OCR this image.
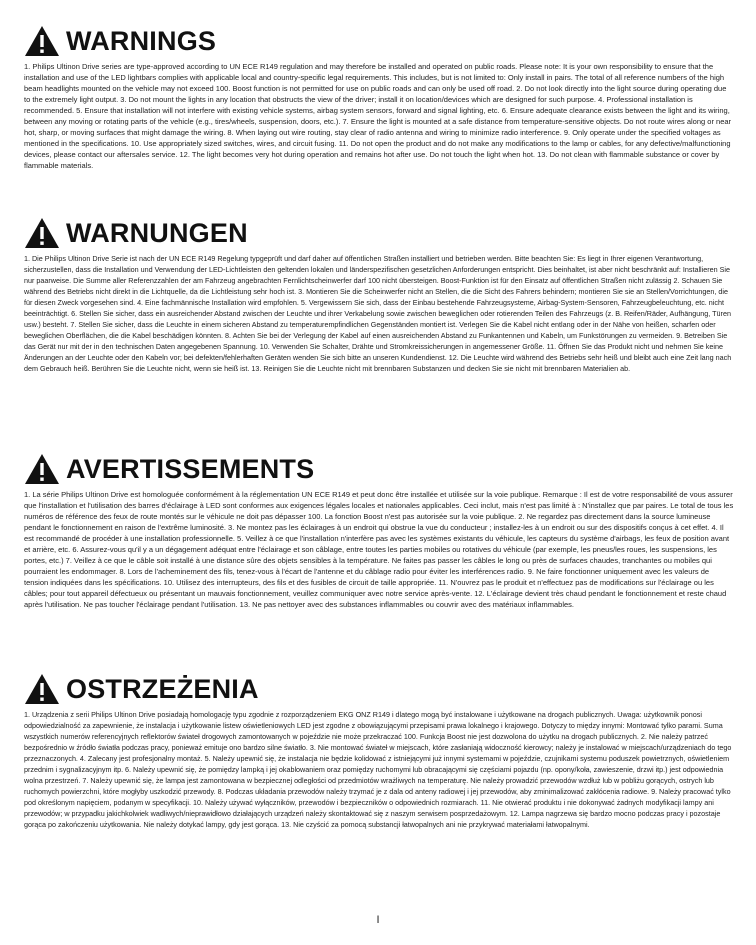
WARNINGS

1. Philips Ultinon Drive series are type-approved according to UN ECE R149 regulation and may therefore be installed and operated on public roads. Please note: It is your own responsibility to ensure that the installation and use of the LED lightbars complies with applicable local and country-specific legal requirements. This includes, but is not limited to: Only install in pairs. The total of all reference numbers of the high beam headlights mounted on the vehicle may not exceed 100. Boost function is not permitted for use on public roads and can only be used off road. 2. Do not look directly into the light source during operating due to the extremely light output. 3. Do not mount the lights in any location that obstructs the view of the driver; install it on location/devices which are designed for such purpose. 4. Professional installation is recommended. 5. Ensure that installation will not interfere with existing vehicle systems, airbag system sensors, forward and signal lighting, etc. 6. Ensure adequate clearance exists between the light and its wiring, between any moving or rotating parts of the vehicle (e.g., tires/wheels, suspension, doors, etc.). 7. Ensure the light is mounted at a safe distance from temperature-sensitive objects. Do not route wires along or near hot, sharp, or moving surfaces that might damage the wiring. 8. When laying out wire routing, stay clear of radio antenna and wiring to minimize radio interference. 9. Only operate under the specified voltages as mentioned in the specifications. 10. Use appropriately sized switches, wires, and circuit fusing. 11. Do not open the product and do not make any modifications to the lamp or cables, for any defective/malfunctioning devices, please contact our aftersales service. 12. The light becomes very hot during operation and remains hot after use. Do not touch the light when hot. 13. Do not clean with flammable substance or cover by flammable materials.

WARNUNGEN

1. Die Philips Ultinon Drive Serie ist nach der UN ECE R149 Regelung typgeprüft und darf daher auf öffentlichen Straßen installiert und betrieben werden. Bitte beachten Sie: Es liegt in Ihrer eigenen Verantwortung, sicherzustellen, dass die Installation und Verwendung der LED-Lichtleisten den geltenden lokalen und länderspezifischen gesetzlichen Anforderungen entspricht. Dies beinhaltet, ist aber nicht beschränkt auf: Installieren Sie nur paarweise. Die Summe aller Referenzzahlen der am Fahrzeug angebrachten Fernlichtscheinwerfer darf 100 nicht übersteigen. Boost-Funktion ist für den Einsatz auf öffentlichen Straßen nicht zulässig 2. Schauen Sie während des Betriebs nicht direkt in die Lichtquelle, da die Lichtleistung sehr hoch ist. 3. Montieren Sie die Scheinwerfer nicht an Stellen, die die Sicht des Fahrers behindern; montieren Sie sie an Stellen/Vorrichtungen, die für diesen Zweck vorgesehen sind. 4. Eine fachmännische Installation wird empfohlen. 5. Vergewissern Sie sich, dass der Einbau bestehende Fahrzeugsysteme, Airbag-System-Sensoren, Fahrzeugbeleuchtung, etc. nicht beeinträchtigt. 6. Stellen Sie sicher, dass ein ausreichender Abstand zwischen der Leuchte und ihrer Verkabelung sowie zwischen beweglichen oder rotierenden Teilen des Fahrzeugs (z. B. Reifen/Räder, Aufhängung, Türen usw.) besteht. 7. Stellen Sie sicher, dass die Leuchte in einem sicheren Abstand zu temperaturempfindlichen Gegenständen montiert ist. Verlegen Sie die Kabel nicht entlang oder in der Nähe von heißen, scharfen oder beweglichen Oberflächen, die die Kabel beschädigen könnten. 8. Achten Sie bei der Verlegung der Kabel auf einen ausreichenden Abstand zu Funkantennen und Kabeln, um Funkstörungen zu vermeiden. 9. Betreiben Sie das Gerät nur mit der in den technischen Daten angegebenen Spannung. 10. Verwenden Sie Schalter, Drähte und Stromkreissicherungen in angemessener Größe. 11. Öffnen Sie das Produkt nicht und nehmen Sie keine Änderungen an der Leuchte oder den Kabeln vor; bei defekten/fehlerhaften Geräten wenden Sie sich bitte an unseren Kundendienst. 12. Die Leuchte wird während des Betriebs sehr heiß und bleibt auch eine Zeit lang nach dem Gebrauch heiß. Berühren Sie die Leuchte nicht, wenn sie heiß ist. 13. Reinigen Sie die Leuchte nicht mit brennbaren Substanzen und decken Sie sie nicht mit brennbaren Materialien ab.

AVERTISSEMENTS

1. La série Philips Ultinon Drive est homologuée conformément à la réglementation UN ECE R149 et peut donc être installée et utilisée sur la voie publique. Remarque : Il est de votre responsabilité de vous assurer que l'installation et l'utilisation des barres d'éclairage à LED sont conformes aux exigences légales locales et nationales applicables. Ceci inclut, mais n'est pas limité à : N'installez que par paires. Le total de tous les numéros de référence des feux de route montés sur le véhicule ne doit pas dépasser 100. La fonction Boost n'est pas autorisée sur la voie publique. 2. Ne regardez pas directement dans la source lumineuse pendant le fonctionnement en raison de l'extrême luminosité. 3. Ne montez pas les éclairages à un endroit qui obstrue la vue du conducteur ; installez-les à un endroit ou sur des dispositifs conçus à cet effet. 4. Il est recommandé de procéder à une installation professionnelle. 5. Veillez à ce que l'installation n'interfère pas avec les systèmes existants du véhicule, les capteurs du système d'airbags, les feux de position avant et arrière, etc. 6. Assurez-vous qu'il y a un dégagement adéquat entre l'éclairage et son câblage, entre toutes les parties mobiles ou rotatives du véhicule (par exemple, les pneus/les roues, les suspensions, les portes, etc.) 7. Veillez à ce que le câble soit installé à une distance sûre des objets sensibles à la température. Ne faites pas passer les câbles le long ou près de surfaces chaudes, tranchantes ou mobiles qui pourraient les endommager. 8. Lors de l'acheminement des fils, tenez-vous à l'écart de l'antenne et du câblage radio pour éviter les interférences radio. 9. Ne faire fonctionner uniquement avec les valeurs de tension indiquées dans les spécifications. 10. Utilisez des interrupteurs, des fils et des fusibles de circuit de taille appropriée. 11. N'ouvrez pas le produit et n'effectuez pas de modifications sur l'éclairage ou les câbles; pour tout appareil défectueux ou présentant un mauvais fonctionnement, veuillez communiquer avec notre service après-vente. 12. L'éclairage devient très chaud pendant le fonctionnement et reste chaud après l'utilisation. Ne pas toucher l'éclairage pendant l'utilisation. 13. Ne pas nettoyer avec des substances inflammables ou couvrir avec des matériaux inflammables.

OSTRZEŻENIA

1. Urządzenia z serii Philips Ultinon Drive posiadają homologację typu zgodnie z rozporządzeniem EKG ONZ R149 i dlatego mogą być instalowane i użytkowane na drogach publicznych. Uwaga: użytkownik ponosi odpowiedzialność za zapewnienie, że instalacja i użytkowanie listew oświetleniowych LED jest zgodne z obowiązującymi przepisami prawa lokalnego i krajowego. Dotyczy to między innymi: Montować tylko parami. Suma wszystkich numerów referencyjnych reflektorów świateł drogowych zamontowanych w pojeździe nie może przekraczać 100. Funkcja Boost nie jest dozwolona do użytku na drogach publicznych. 2. Nie należy patrzeć bezpośrednio w źródło światła podczas pracy, ponieważ emituje ono bardzo silne światło. 3. Nie montować świateł w miejscach, które zasłaniają widoczność kierowcy; należy je instalować w miejscach/urządzeniach do tego przeznaczonych. 4. Zalecany jest profesjonalny montaż. 5. Należy upewnić się, że instalacja nie będzie kolidować z istniejącymi już innymi systemami w pojeździe, czujnikami systemu poduszek powietrznych, oświetleniem przednim i sygnalizacyjnym itp. 6. Należy upewnić się, że pomiędzy lampką i jej okablowaniem oraz pomiędzy ruchomymi lub obracającymi się częściami pojazdu (np. opony/koła, zawieszenie, drzwi itp.) jest odpowiednia wolna przestrzeń. 7. Należy upewnić się, że lampa jest zamontowana w bezpiecznej odległości od przedmiotów wrażliwych na temperaturę. Nie należy prowadzić przewodów wzdłuż lub w pobliżu gorących, ostrych lub ruchomych powierzchni, które mogłyby uszkodzić przewody. 8. Podczas układania przewodów należy trzymać je z dala od anteny radiowej i jej przewodów, aby zminimalizować zakłócenia radiowe. 9. Należy pracować tylko pod określonym napięciem, podanym w specyfikacji. 10. Należy używać wyłączników, przewodów i bezpieczników o odpowiednich rozmiarach. 11. Nie otwierać produktu i nie dokonywać żadnych modyfikacji lampy ani przewodów; w przypadku jakichkolwiek wadliwych/nieprawidłowo działających urządzeń należy skontaktować się z naszym serwisem posprzedażowym. 12. Lampa nagrzewa się bardzo mocno podczas pracy i pozostaje gorąca po zakończeniu użytkowania. Nie należy dotykać lampy, gdy jest gorąca. 13. Nie czyścić za pomocą substancji łatwopalnych ani nie przykrywać materiałami łatwopalnymi.

I
